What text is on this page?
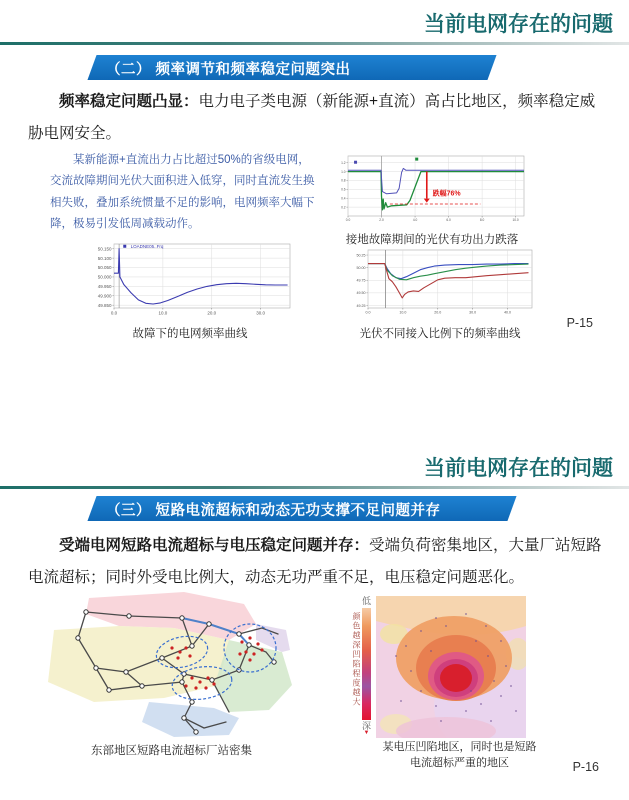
当前电网存在的问题
（二） 频率调节和频率稳定问题突出

频率稳定问题凸显：电力电子类电源（新能源+直流）高占比地区，频率稳定威胁电网安全。

某新能源+直流出力占比超过50%的省级电网，交流故障期间光伏大面积进入低穿，同时直流发生换相失败，叠加系统惯量不足的影响，电网频率大幅下降，极易引发低周减载动作。

0.2
0.4
0.6
0.8
1.0
1.2
0.0	2.0	4.0	6.0	8.0	10.0
跌幅76%
接地故障期间的光伏有功出力跌落
50.150
50.100
50.050
50.000
49.950
49.900
49.850
0.0	10.0	20.0	30.0
LOADNE05..Frq
故障下的电网频率曲线
50.25
50.00
49.75
49.50
49.25
0.0	10.0	20.0	30.0	40.0
光伏不同接入比例下的频率曲线
P-15
当前电网存在的问题
（三） 短路电流超标和动态无功支撑不足问题并存

受端电网短路电流超标与电压稳定问题并存：受端负荷密集地区，大量厂站短路电流超标；同时外受电比例大，动态无功严重不足，电压稳定问题恶化。

东部地区短路电流超标厂站密集
颜色越深凹陷程度越大
低
深
▼
某电压凹陷地区，同时也是短路
电流超标严重的地区	P-16
